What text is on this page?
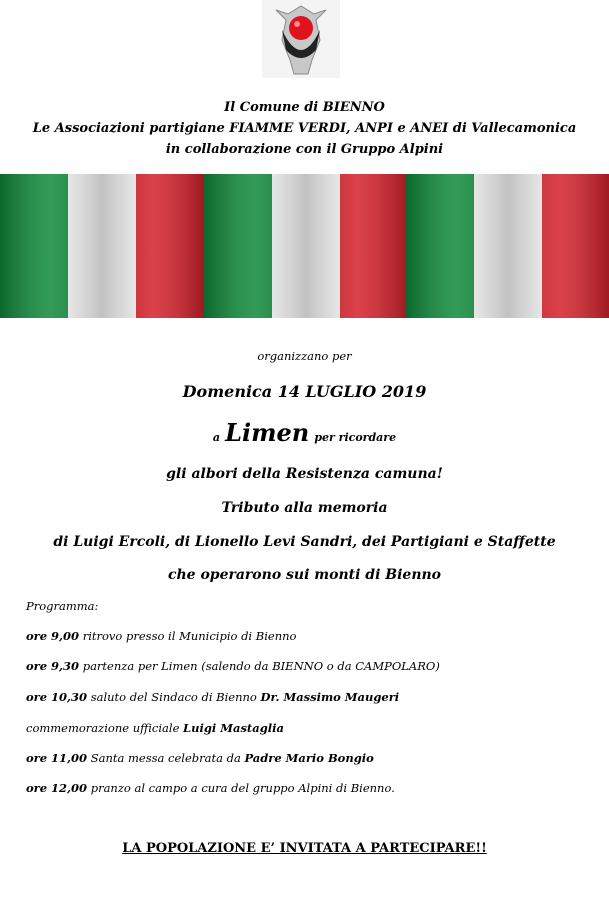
Il Comune di BIENNO
Le Associazioni partigiane FIAMME VERDI, ANPI e ANEI di Vallecamonica
in collaborazione con il Gruppo Alpini
organizzano per
Domenica 14 LUGLIO 2019
a Limen per ricordare
gli albori della Resistenza camuna!
Tributo alla memoria
di Luigi Ercoli, di Lionello Levi Sandri, dei Partigiani e Staffette
che operarono sui monti di Bienno
Programma:
ore 9,00 ritrovo presso il Municipio di Bienno
ore 9,30 partenza per Limen (salendo da BIENNO o da CAMPOLARO)
ore 10,30 saluto del Sindaco di Bienno Dr. Massimo Maugeri
commemorazione ufficiale Luigi Mastaglia
ore 11,00 Santa messa celebrata da Padre Mario Bongio
ore 12,00 pranzo al campo a cura del gruppo Alpini di Bienno.
LA POPOLAZIONE E’ INVITATA A PARTECIPARE!!
